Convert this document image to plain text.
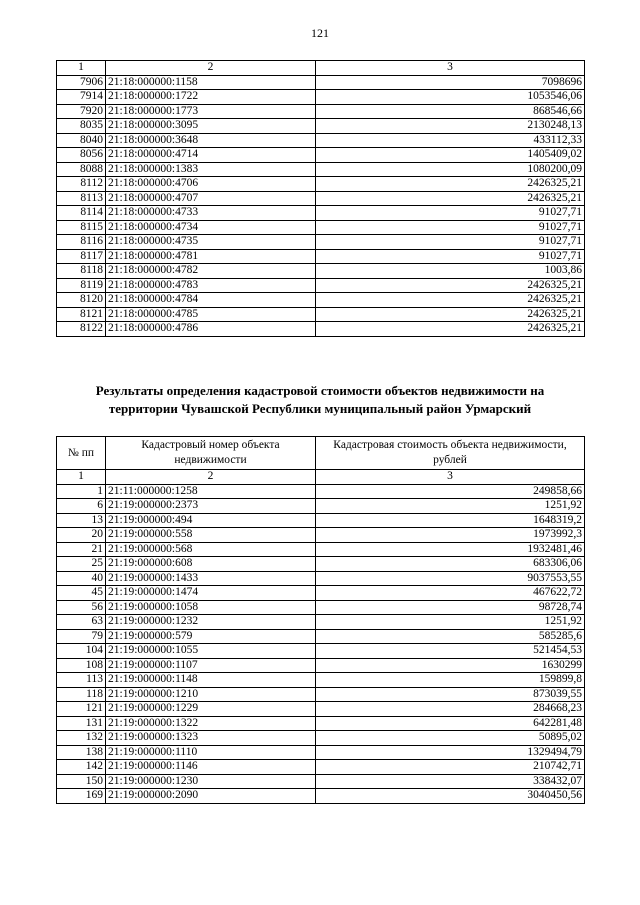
121
1	2	3
7906	21:18:000000:1158	7098696
7914	21:18:000000:1722	1053546,06
7920	21:18:000000:1773	868546,66
8035	21:18:000000:3095	2130248,13
8040	21:18:000000:3648	433112,33
8056	21:18:000000:4714	1405409,02
8088	21:18:000000:1383	1080200,09
8112	21:18:000000:4706	2426325,21
8113	21:18:000000:4707	2426325,21
8114	21:18:000000:4733	91027,71
8115	21:18:000000:4734	91027,71
8116	21:18:000000:4735	91027,71
8117	21:18:000000:4781	91027,71
8118	21:18:000000:4782	1003,86
8119	21:18:000000:4783	2426325,21
8120	21:18:000000:4784	2426325,21
8121	21:18:000000:4785	2426325,21
8122	21:18:000000:4786	2426325,21
Результаты определения кадастровой стоимости объектов недвижимости на
территории Чувашской Республики муниципальный район Урмарский
№ пп	Кадастровый номер объекта недвижимости	Кадастровая стоимость объекта недвижимости, рублей
1	2	3
1	21:11:000000:1258	249858,66
6	21:19:000000:2373	1251,92
13	21:19:000000:494	1648319,2
20	21:19:000000:558	1973992,3
21	21:19:000000:568	1932481,46
25	21:19:000000:608	683306,06
40	21:19:000000:1433	9037553,55
45	21:19:000000:1474	467622,72
56	21:19:000000:1058	98728,74
63	21:19:000000:1232	1251,92
79	21:19:000000:579	585285,6
104	21:19:000000:1055	521454,53
108	21:19:000000:1107	1630299
113	21:19:000000:1148	159899,8
118	21:19:000000:1210	873039,55
121	21:19:000000:1229	284668,23
131	21:19:000000:1322	642281,48
132	21:19:000000:1323	50895,02
138	21:19:000000:1110	1329494,79
142	21:19:000000:1146	210742,71
150	21:19:000000:1230	338432,07
169	21:19:000000:2090	3040450,56
